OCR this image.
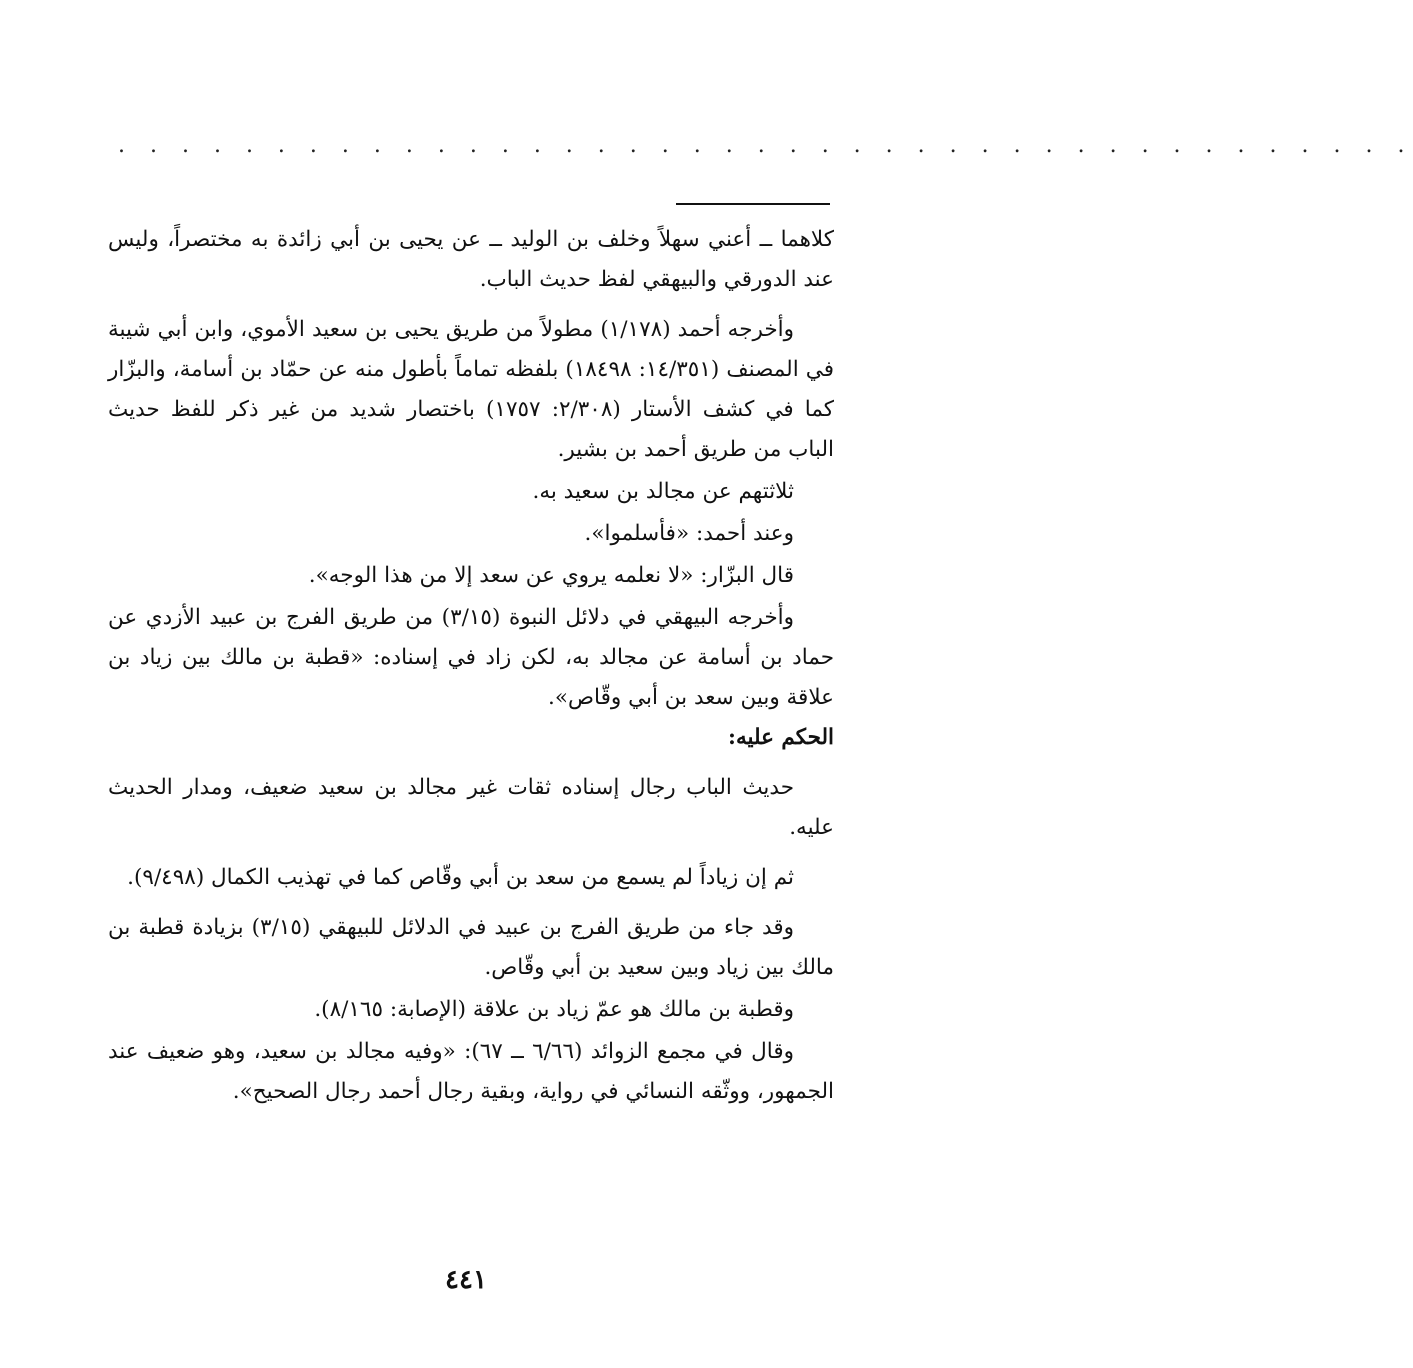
. . . . . . . . . . . . . . . . . . . . . . . . . . . . . . . . . . . . . . . . .

كلاهما ــ أعني سهلاً وخلف بن الوليد ــ عن يحيى بن أبي زائدة به مختصراً، وليس عند الدورقي والبيهقي لفظ حديث الباب.

وأخرجه أحمد (١/١٧٨) مطولاً من طريق يحيى بن سعيد الأموي، وابن أبي شيبة في المصنف (١٤/٣٥١: ١٨٤٩٨) بلفظه تماماً بأطول منه عن حمّاد بن أسامة، والبزّار كما في كشف الأستار (٢/٣٠٨: ١٧٥٧) باختصار شديد من غير ذكر للفظ حديث الباب من طريق أحمد بن بشير.

ثلاثتهم عن مجالد بن سعيد به.

وعند أحمد: «فأسلموا».

قال البزّار: «لا نعلمه يروي عن سعد إلا من هذا الوجه».

وأخرجه البيهقي في دلائل النبوة (٣/١٥) من طريق الفرج بن عبيد الأزدي عن حماد بن أسامة عن مجالد به، لكن زاد في إسناده: «قطبة بن مالك بين زياد بن علاقة وبين سعد بن أبي وقّاص».

الحكم عليه:

حديث الباب رجال إسناده ثقات غير مجالد بن سعيد ضعيف، ومدار الحديث عليه.

ثم إن زياداً لم يسمع من سعد بن أبي وقّاص كما في تهذيب الكمال (٩/٤٩٨).

وقد جاء من طريق الفرج بن عبيد في الدلائل للبيهقي (٣/١٥) بزيادة قطبة بن مالك بين زياد وبين سعيد بن أبي وقّاص.

وقطبة بن مالك هو عمّ زياد بن علاقة (الإصابة: ٨/١٦٥).

وقال في مجمع الزوائد (٦/٦٦ ــ ٦٧): «وفيه مجالد بن سعيد، وهو ضعيف عند الجمهور، ووثّقه النسائي في رواية، وبقية رجال أحمد رجال الصحيح».

٤٤١
